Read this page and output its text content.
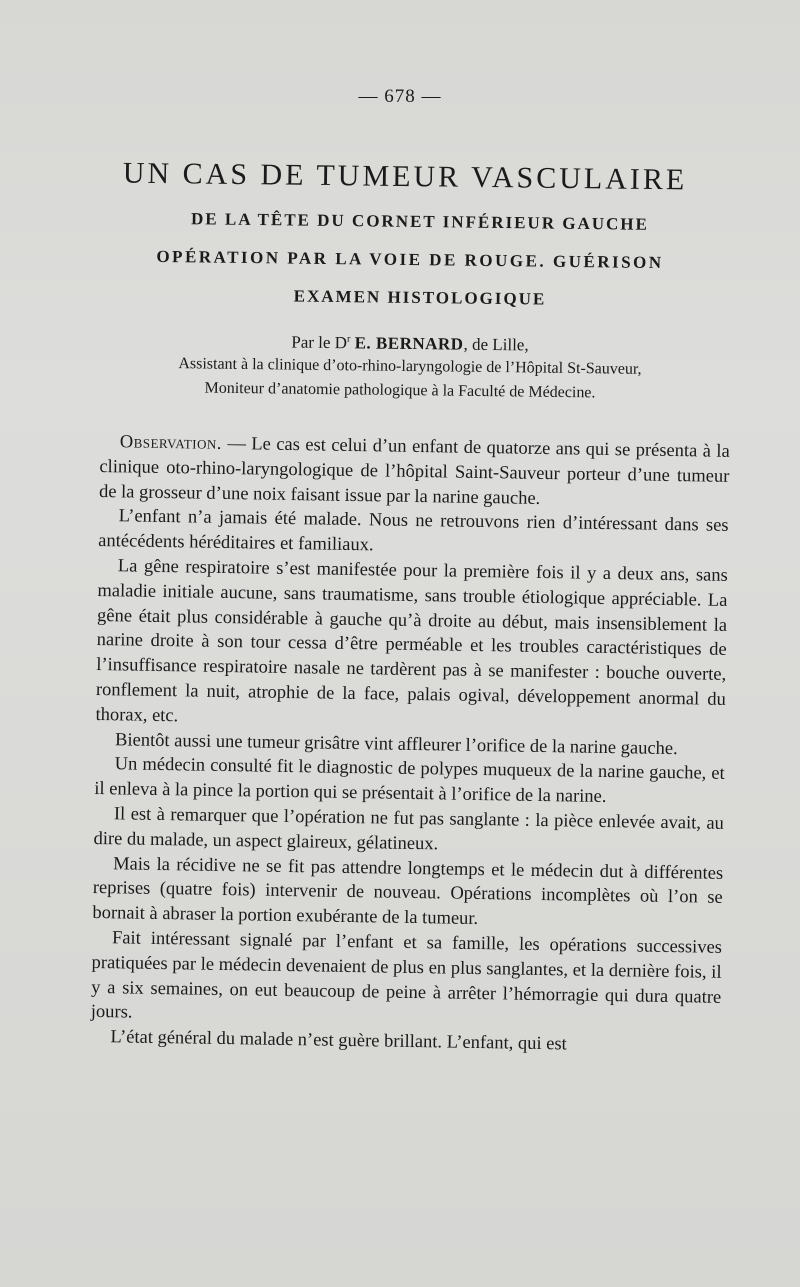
— 678 —
UN CAS DE TUMEUR VASCULAIRE
DE LA TÊTE DU CORNET INFÉRIEUR GAUCHE
OPÉRATION PAR LA VOIE DE ROUGE. GUÉRISON
EXAMEN HISTOLOGIQUE
Par le $D^r$ E. BERNARD, de Lille,
Assistant à la clinique d’oto-rhino-laryngologie de l’Hôpital St-Sauveur,
Moniteur d’anatomie pathologique à la Faculté de Médecine.

Observation. — Le cas est celui d’un enfant de quatorze ans qui se présenta à la clinique oto-rhino-laryngologique de l’hôpital Saint-Sauveur porteur d’une tumeur de la grosseur d’une noix faisant issue par la narine gauche.

L’enfant n’a jamais été malade. Nous ne retrouvons rien d’intéressant dans ses antécédents héréditaires et familiaux.

La gêne respiratoire s’est manifestée pour la première fois il y a deux ans, sans maladie initiale aucune, sans traumatisme, sans trouble étiologique appréciable. La gêne était plus considérable à gauche qu’à droite au début, mais insensiblement la narine droite à son tour cessa d’être perméable et les troubles caractéristiques de l’insuffisance respiratoire nasale ne tardèrent pas à se manifester : bouche ouverte, ronflement la nuit, atrophie de la face, palais ogival, développement anormal du thorax, etc.

Bientôt aussi une tumeur grisâtre vint affleurer l’orifice de la narine gauche.

Un médecin consulté fit le diagnostic de polypes muqueux de la narine gauche, et il enleva à la pince la portion qui se présentait à l’orifice de la narine.

Il est à remarquer que l’opération ne fut pas sanglante : la pièce enlevée avait, au dire du malade, un aspect glaireux, gélatineux.

Mais la récidive ne se fit pas attendre longtemps et le médecin dut à différentes reprises (quatre fois) intervenir de nouveau. Opérations incomplètes où l’on se bornait à abraser la portion exubérante de la tumeur.

Fait intéressant signalé par l’enfant et sa famille, les opérations successives pratiquées par le médecin devenaient de plus en plus sanglantes, et la dernière fois, il y a six semaines, on eut beaucoup de peine à arrêter l’hémorragie qui dura quatre jours.

L’état général du malade n’est guère brillant. L’enfant, qui est
